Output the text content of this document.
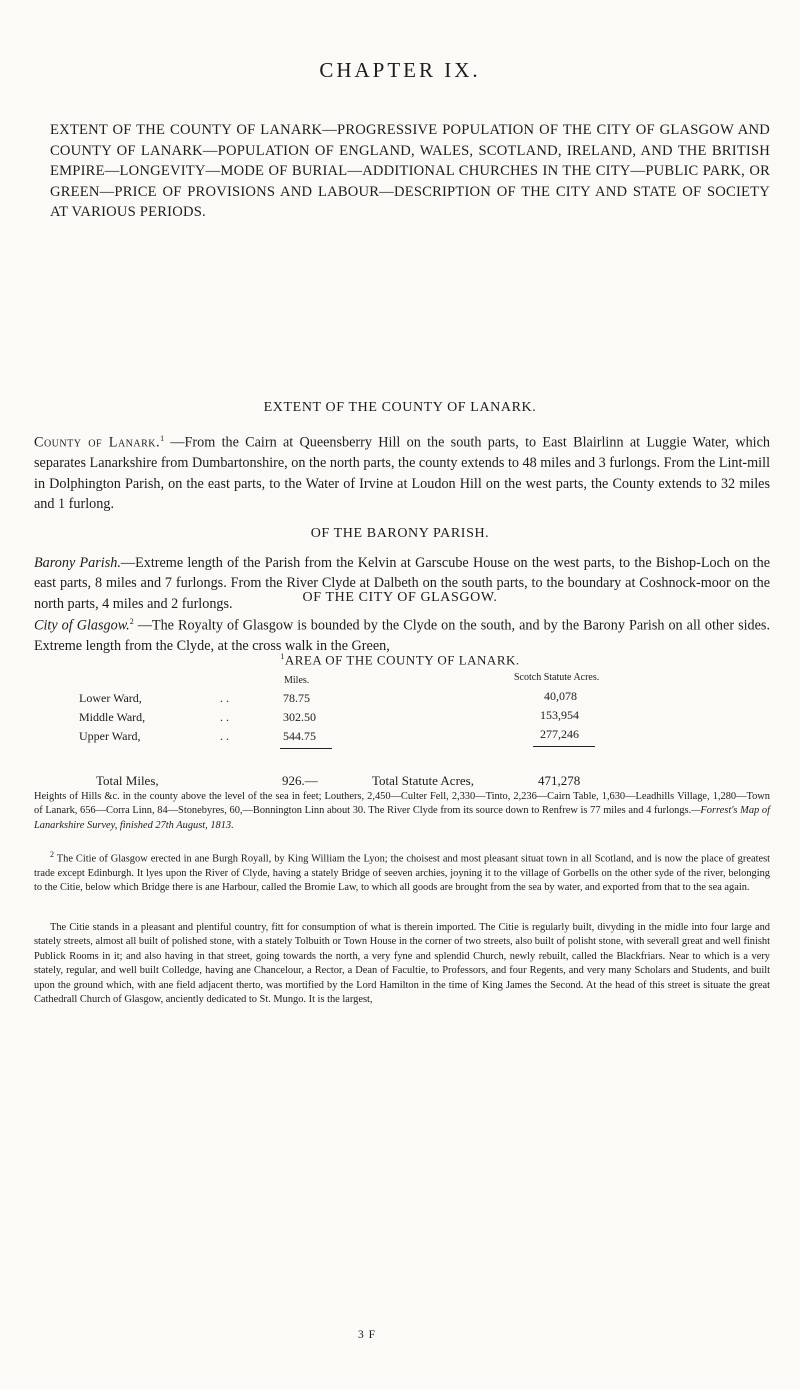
CHAPTER IX.
EXTENT OF THE COUNTY OF LANARK—PROGRESSIVE POPULATION OF THE CITY OF GLASGOW AND COUNTY OF LANARK—POPULATION OF ENGLAND, WALES, SCOTLAND, IRELAND, AND THE BRITISH EMPIRE—LONGEVITY—MODE OF BURIAL—ADDITIONAL CHURCHES IN THE CITY—PUBLIC PARK, OR GREEN—PRICE OF PROVISIONS AND LABOUR—DESCRIPTION OF THE CITY AND STATE OF SOCIETY AT VARIOUS PERIODS.
EXTENT OF THE COUNTY OF LANARK.
County of Lanark.$^1$ —From the Cairn at Queensberry Hill on the south parts, to East Blairlinn at Luggie Water, which separates Lanarkshire from Dumbartonshire, on the north parts, the county extends to 48 miles and 3 furlongs. From the Lint-mill in Dolphington Parish, on the east parts, to the Water of Irvine at Loudon Hill on the west parts, the County extends to 32 miles and 1 furlong.
OF THE BARONY PARISH.
Barony Parish.—Extreme length of the Parish from the Kelvin at Garscube House on the west parts, to the Bishop-Loch on the east parts, 8 miles and 7 furlongs. From the River Clyde at Dalbeth on the south parts, to the boundary at Coshnock-moor on the north parts, 4 miles and 2 furlongs.	OF THE CITY OF GLASGOW.
$^1$AREA OF THE COUNTY OF LANARK.
Miles.	Scotch Statute Acres.
Lower Ward,	. .	78.75	40,078
Middle Ward,	. .	302.50	153,954
Upper Ward,	. .	544.75	277,246
Total Miles,	926.—	Total Statute Acres,	471,278
City of Glasgow.$^2$ —The Royalty of Glasgow is bounded by the Clyde on the south, and by the Barony Parish on all other sides. Extreme length from the Clyde, at the cross walk in the Green,
Heights of Hills &c. in the county above the level of the sea in feet; Louthers, 2,450—Culter Fell, 2,330—Tinto, 2,236—Cairn Table, 1,630—Leadhills Village, 1,280—Town of Lanark, 656—Corra Linn, 84—Stonebyres, 60,—Bonnington Linn about 30. The River Clyde from its source down to Renfrew is 77 miles and 4 furlongs.—Forrest's Map of Lanarkshire Survey, finished 27th August, 1813.
$^2$ The Citie of Glasgow erected in ane Burgh Royall, by King William the Lyon; the choisest and most pleasant situat town in all Scotland, and is now the place of greatest trade except Edinburgh. It lyes upon the River of Clyde, having a stately Bridge of seeven archies, joyning it to the village of Gorbells on the other syde of the river, belonging to the Citie, below which Bridge there is ane Harbour, called the Bromie Law, to which all goods are brought from the sea by water, and exported from that to the sea again.
The Citie stands in a pleasant and plentiful country, fitt for consumption of what is therein imported. The Citie is regularly built, divyding in the midle into four large and stately streets, almost all built of polished stone, with a stately Tolbuith or Town House in the corner of two streets, also built of polisht stone, with severall great and well finisht Publick Rooms in it; and also having in that street, going towards the north, a very fyne and splendid Church, newly rebuilt, called the Blackfriars. Near to which is a very stately, regular, and well built Colledge, having ane Chancelour, a Rector, a Dean of Facultie, to Professors, and four Regents, and very many Scholars and Students, and built upon the ground which, with ane field adjacent therto, was mortified by the Lord Hamilton in the time of King James the Second. At the head of this street is situate the great Cathedrall Church of Glasgow, anciently dedicated to St. Mungo. It is the largest,
3 F
